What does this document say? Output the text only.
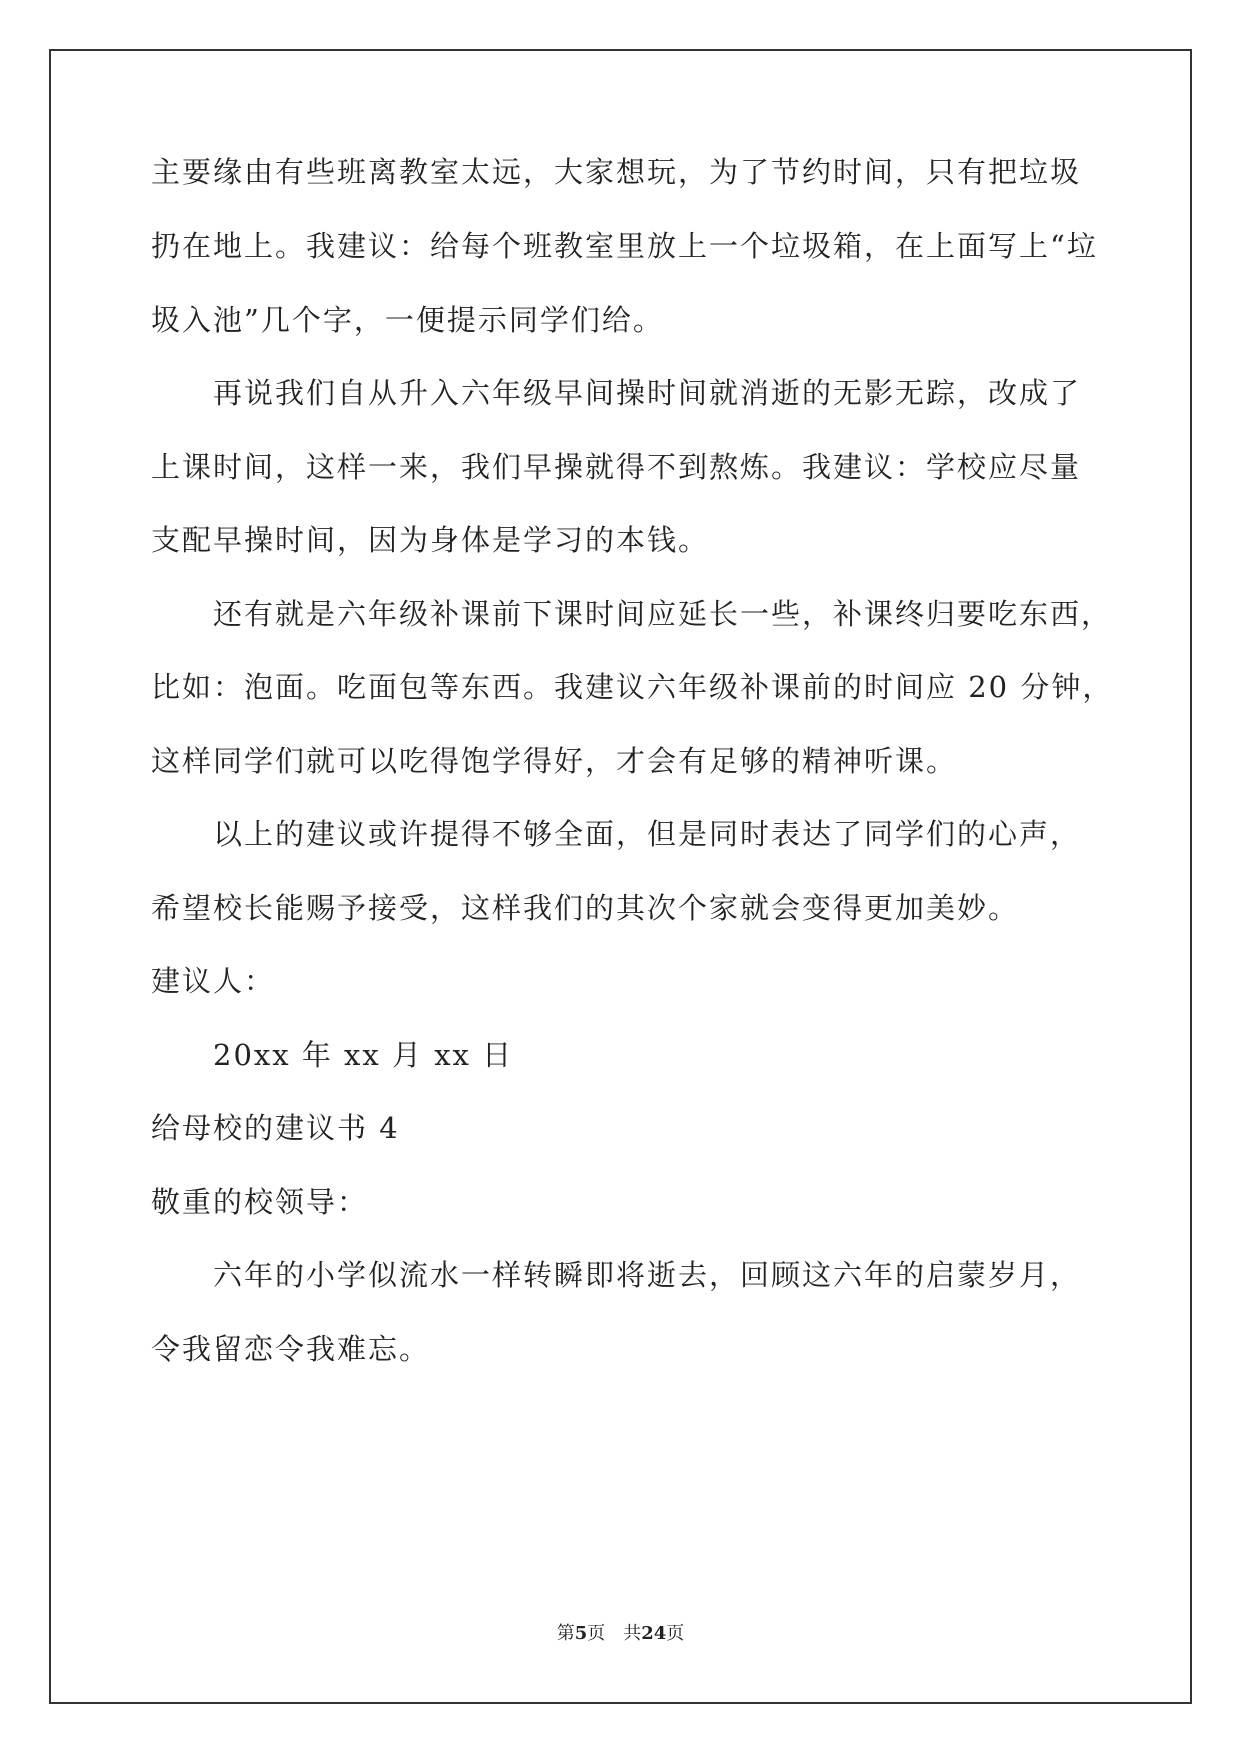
主要缘由有些班离教室太远，大家想玩，为了节约时间，只有把垃圾
扔在地上。我建议：给每个班教室里放上一个垃圾箱，在上面写上“垃
圾入池”几个字，一便提示同学们给。
再说我们自从升入六年级早间操时间就消逝的无影无踪，改成了
上课时间，这样一来，我们早操就得不到熬炼。我建议：学校应尽量
支配早操时间，因为身体是学习的本钱。
还有就是六年级补课前下课时间应延长一些，补课终归要吃东西，
比如：泡面。吃面包等东西。我建议六年级补课前的时间应 20 分钟，
这样同学们就可以吃得饱学得好，才会有足够的精神听课。
以上的建议或许提得不够全面，但是同时表达了同学们的心声，
希望校长能赐予接受，这样我们的其次个家就会变得更加美妙。
建议人：
20xx 年 xx 月 xx 日
给母校的建议书 4
敬重的校领导：
六年的小学似流水一样转瞬即将逝去，回顾这六年的启蒙岁月，
令我留恋令我难忘。
第5页　共24页
